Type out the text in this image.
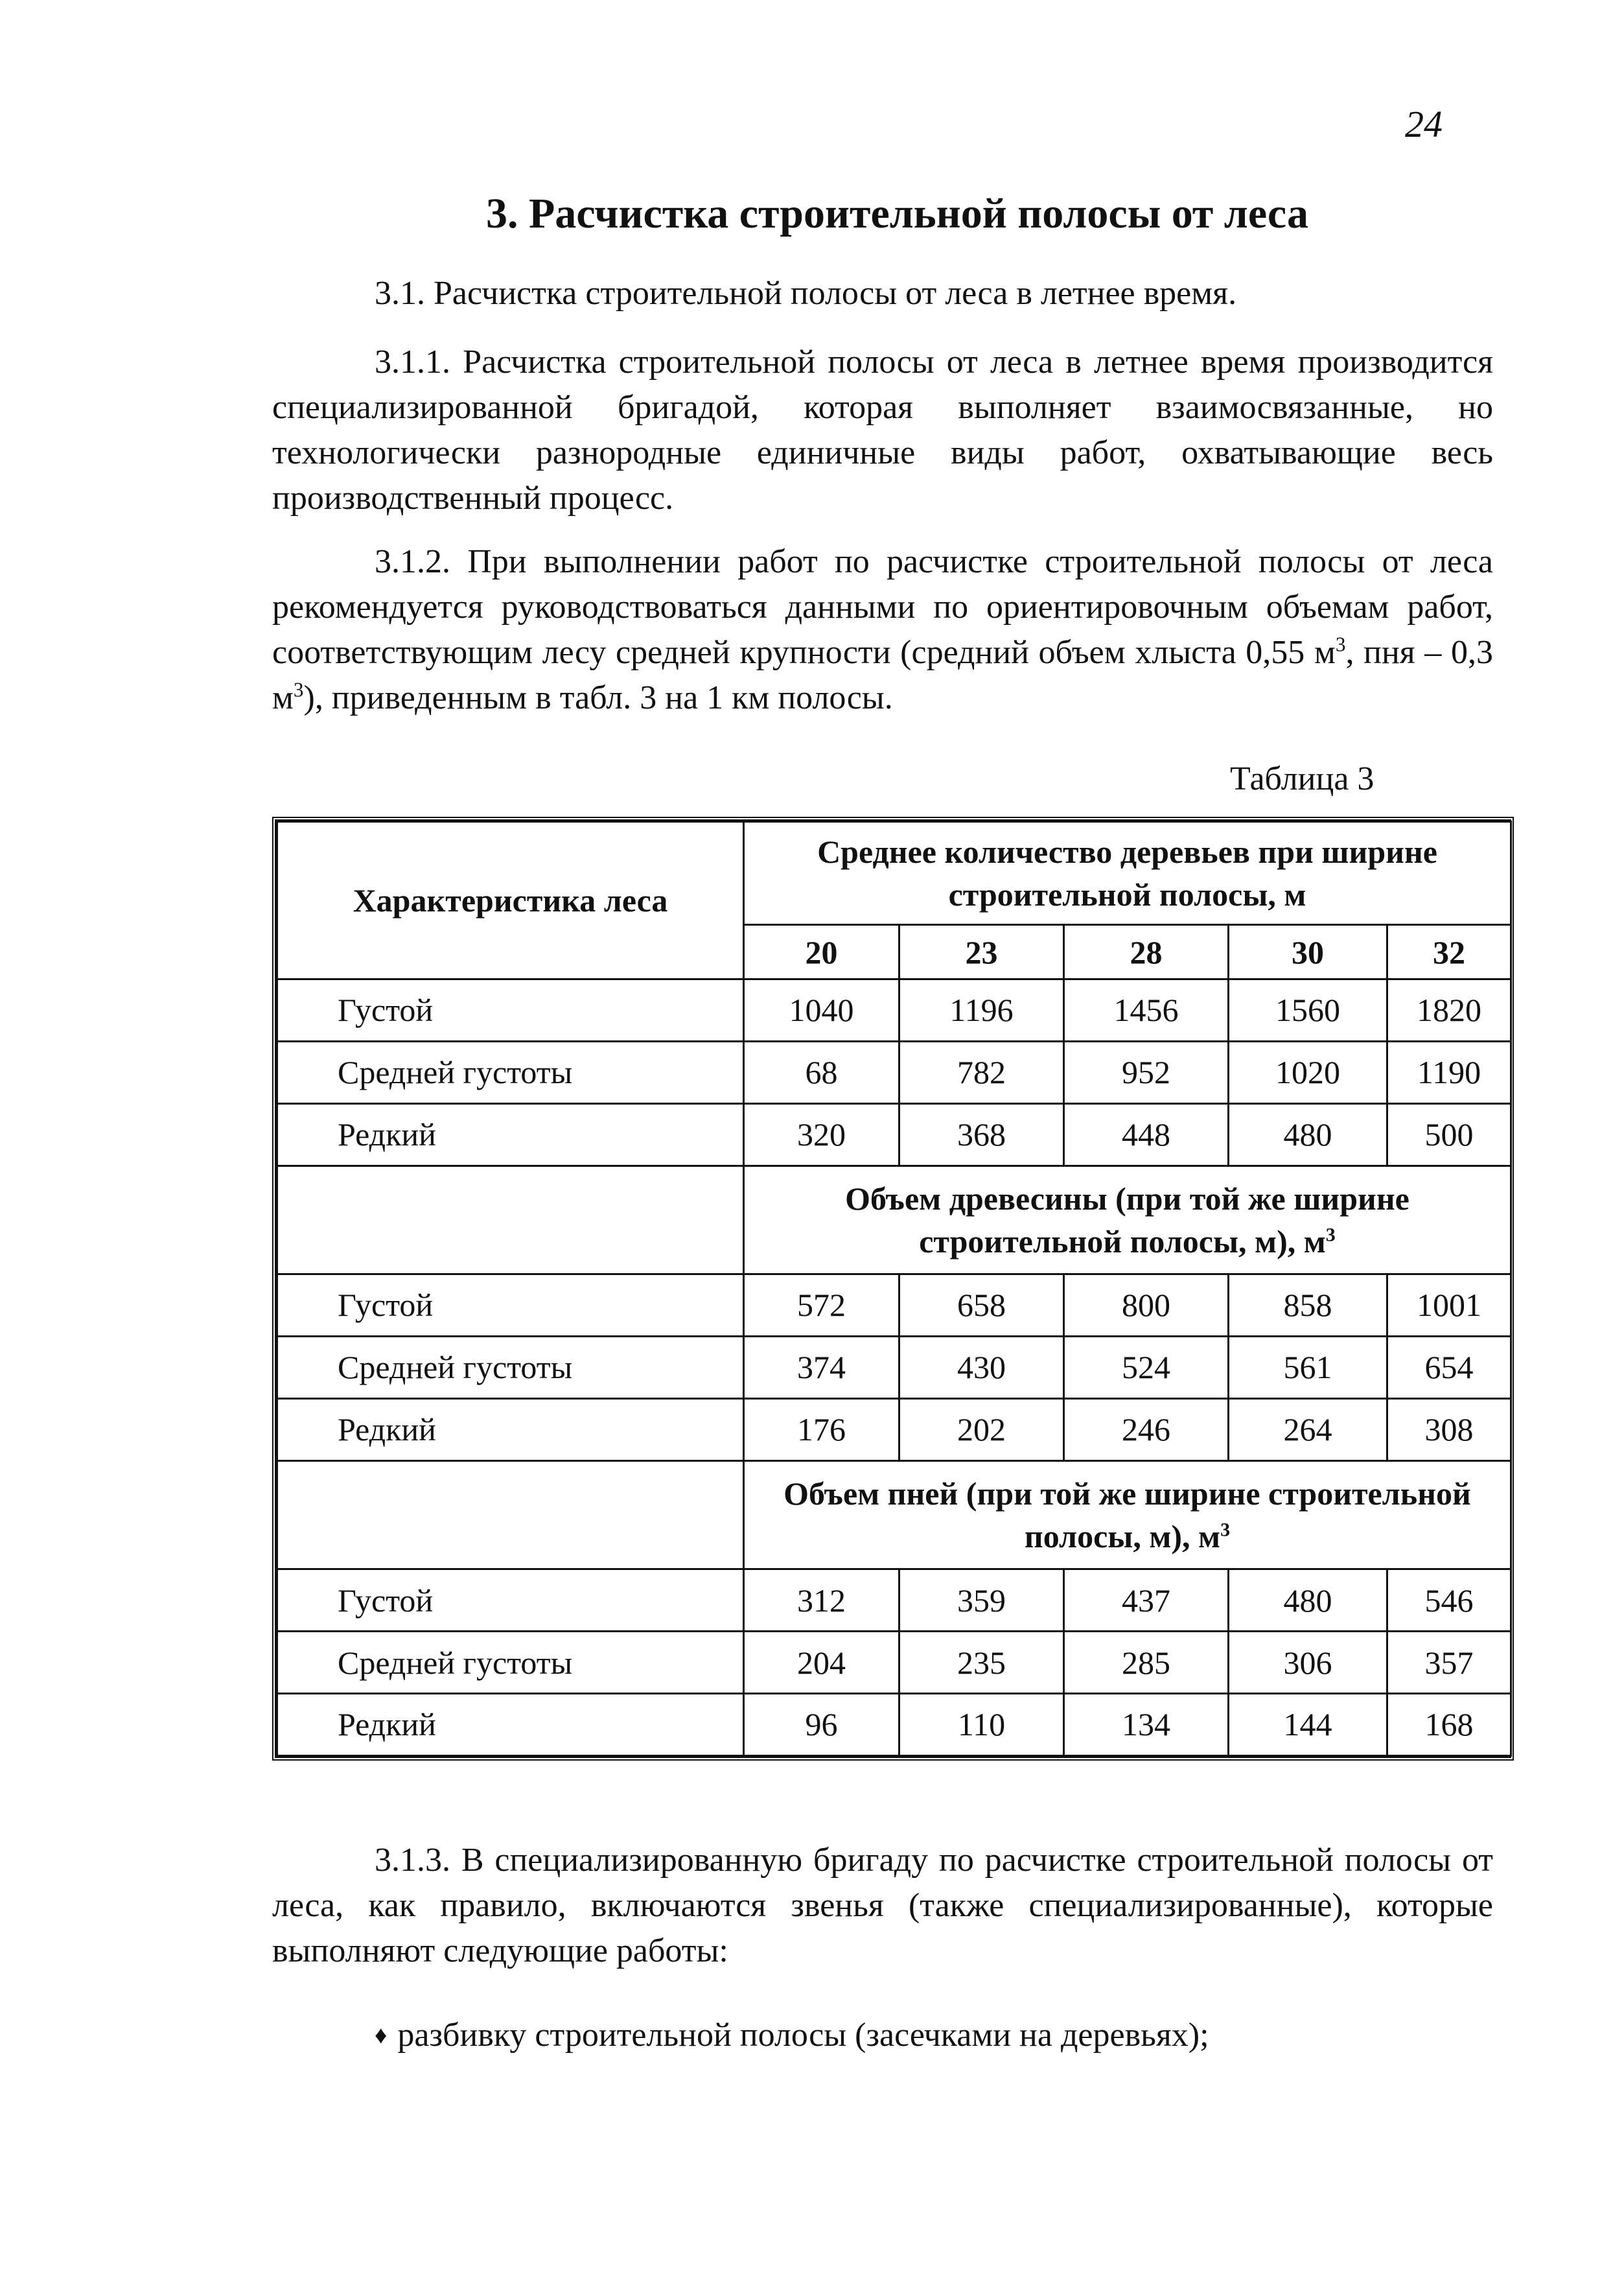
24
3. Расчистка строительной полосы от леса

3.1. Расчистка строительной полосы от леса в летнее время.

3.1.1. Расчистка строительной полосы от леса в летнее время производится специализированной бригадой, которая выполняет взаимосвязанные, но технологически разнородные единичные виды работ, охватывающие весь производственный процесс.

3.1.2. При выполнении работ по расчистке строительной полосы от леса рекомендуется руководствоваться данными по ориентировочным объемам работ, соответствующим лесу средней крупности (средний объем хлыста 0,55 $м^3$, пня – 0,3 $м^3$), приведенным в табл. 3 на 1 км полосы.

Таблица 3
Характеристика леса	Среднее количество деревьев при ширине строительной полосы, м				
	20	23	28	30	32
Густой	1040	1196	1456	1560	1820
Средней густоты	68	782	952	1020	1190
Редкий	320	368	448	480	500
	Объем древесины (при той же ширине строительной полосы, м), $м^3$
Густой	572	658	800	858	1001
Средней густоты	374	430	524	561	654
Редкий	176	202	246	264	308
	Объем пней (при той же ширине строительной полосы, м), $м^3$
Густой	312	359	437	480	546
Средней густоты	204	235	285	306	357
Редкий	96	110	134	144	168

3.1.3. В специализированную бригаду по расчистке строительной полосы от леса, как правило, включаются звенья (также специализированные), которые выполняют следующие работы:

♦ разбивку строительной полосы (засечками на деревьях);
